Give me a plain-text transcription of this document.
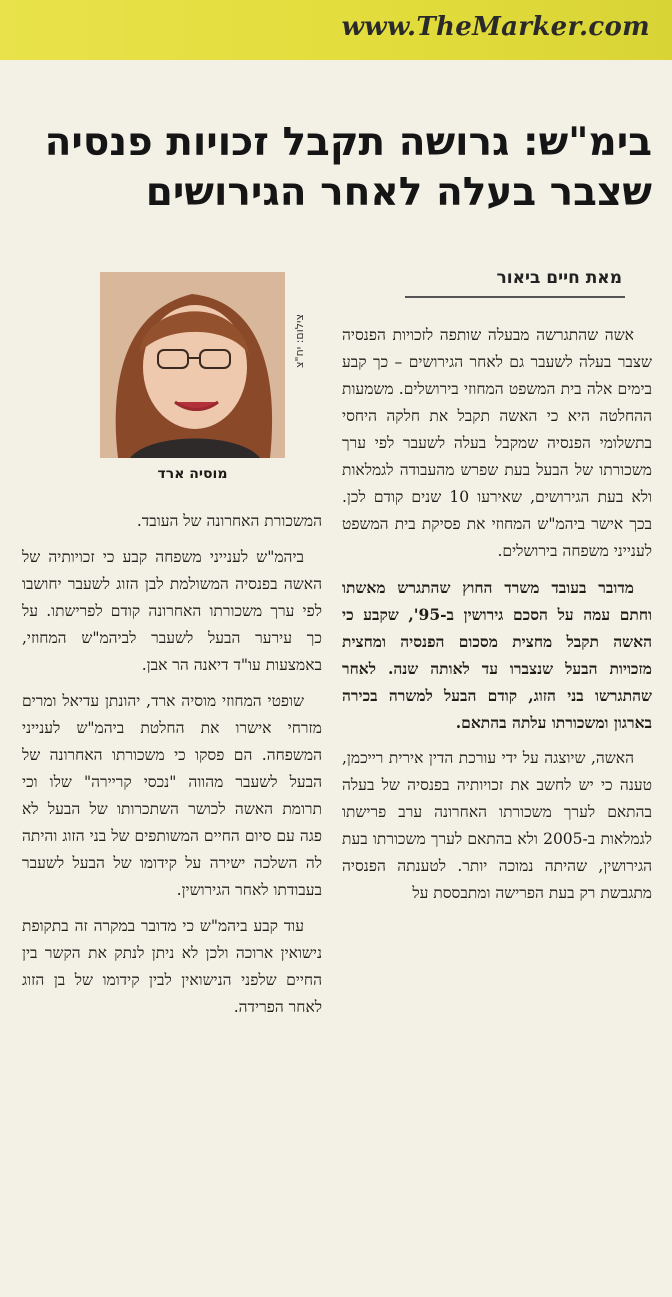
www.TheMarker.com
בימ"ש: גרושה תקבל זכויות פנסיה שצבר בעלה לאחר הגירושים
מאת חיים ביאור
צילום: יח"צ
מוסיה ארד

אשה שהתגרשה מבעלה שותפה לזכויות הפנסיה שצבר בעלה לשעבר גם לאחר הגירושים – כך קבע בימים אלה בית המשפט המחוזי בירושלים. משמעות ההחלטה היא כי האשה תקבל את חלקה היחסי בתשלומי הפנסיה שמקבל בעלה לשעבר לפי ערך משכורתו של הבעל בעת שפרש מהעבודה לגמלאות ולא בעת הגירושים, שאירעו 10 שנים קודם לכן. בכך אישר ביהמ"ש המחוזי את פסיקת בית המשפט לענייני משפחה בירושלים.

מדובר בעובד משרד החוץ שהתגרש מאשתו וחתם עמה על הסכם גירושין ב-95', שקבע כי האשה תקבל מחצית מסכום הפנסיה ומחצית מזכויות הבעל שנצברו עד לאותה שנה. לאחר שהתגרשו בני הזוג, קודם הבעל למשרה בכירה בארגון ומשכורתו עלתה בהתאם.

האשה, שיוצגה על ידי עורכת הדין אירית רייכמן, טענה כי יש לחשב את זכויותיה בפנסיה של בעלה בהתאם לערך משכורתו האחרונה ערב פרישתו לגמלאות ב-2005 ולא בהתאם לערך משכורתו בעת הגירושין, שהיתה נמוכה יותר. לטענתה הפנסיה מתגבשת רק בעת הפרישה ומתבססת על

המשכורת האחרונה של העובד.

ביהמ"ש לענייני משפחה קבע כי זכויותיה של האשה בפנסיה המשולמת לבן הזוג לשעבר יחושבו לפי ערך משכורתו האחרונה קודם לפרישתו. על כך עירער הבעל לשעבר לביהמ"ש המחוזי, באמצעות עו"ד דיאנה הר אבן.

שופטי המחוזי מוסיה ארד, יהונתן עדיאל ומרים מזרחי אישרו את החלטת ביהמ"ש לענייני המשפחה. הם פסקו כי משכורתו האחרונה של הבעל לשעבר מהווה "נכסי קריירה" שלו וכי תרומת האשה לכושר השתכרותו של הבעל לא פגה עם סיום החיים המשותפים של בני הזוג והיתה לה השלכה ישירה על קידומו של הבעל לשעבר בעבודתו לאחר הגירושין.

עוד קבע ביהמ"ש כי מדובר במקרה זה בתקופת נישואין ארוכה ולכן לא ניתן לנתק את הקשר בין החיים שלפני הנישואין לבין קידומו של בן הזוג לאחר הפרידה.
